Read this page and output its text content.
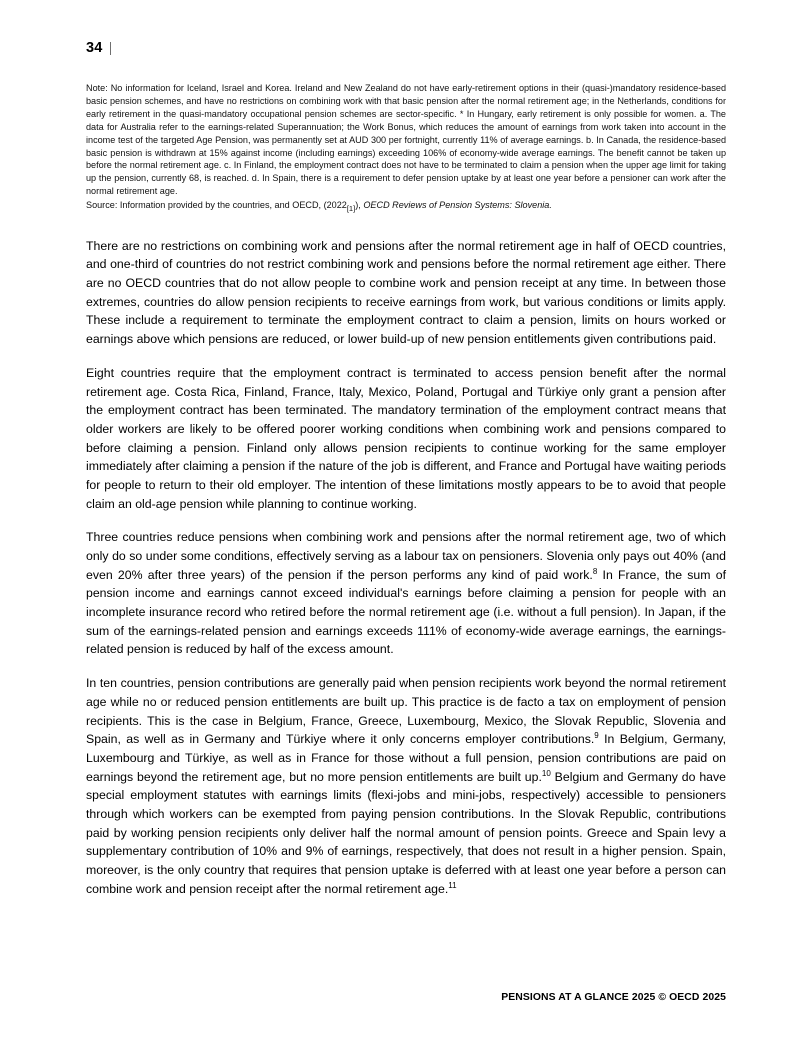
34
Note: No information for Iceland, Israel and Korea. Ireland and New Zealand do not have early-retirement options in their (quasi-)mandatory residence-based basic pension schemes, and have no restrictions on combining work with that basic pension after the normal retirement age; in the Netherlands, conditions for early retirement in the quasi-mandatory occupational pension schemes are sector-specific. * In Hungary, early retirement is only possible for women. a. The data for Australia refer to the earnings-related Superannuation; the Work Bonus, which reduces the amount of earnings from work taken into account in the income test of the targeted Age Pension, was permanently set at AUD 300 per fortnight, currently 11% of average earnings. b. In Canada, the residence-based basic pension is withdrawn at 15% against income (including earnings) exceeding 106% of economy-wide average earnings. The benefit cannot be taken up before the normal retirement age. c. In Finland, the employment contract does not have to be terminated to claim a pension when the upper age limit for taking up the pension, currently 68, is reached. d. In Spain, there is a requirement to defer pension uptake by at least one year before a pensioner can work after the normal retirement age.
Source: Information provided by the countries, and OECD, $(2022_{[1]})$, OECD Reviews of Pension Systems: Slovenia.

There are no restrictions on combining work and pensions after the normal retirement age in half of OECD countries, and one-third of countries do not restrict combining work and pensions before the normal retirement age either. There are no OECD countries that do not allow people to combine work and pension receipt at any time. In between those extremes, countries do allow pension recipients to receive earnings from work, but various conditions or limits apply. These include a requirement to terminate the employment contract to claim a pension, limits on hours worked or earnings above which pensions are reduced, or lower build-up of new pension entitlements given contributions paid.

Eight countries require that the employment contract is terminated to access pension benefit after the normal retirement age. Costa Rica, Finland, France, Italy, Mexico, Poland, Portugal and Türkiye only grant a pension after the employment contract has been terminated. The mandatory termination of the employment contract means that older workers are likely to be offered poorer working conditions when combining work and pensions compared to before claiming a pension. Finland only allows pension recipients to continue working for the same employer immediately after claiming a pension if the nature of the job is different, and France and Portugal have waiting periods for people to return to their old employer. The intention of these limitations mostly appears to be to avoid that people claim an old-age pension while planning to continue working.

Three countries reduce pensions when combining work and pensions after the normal retirement age, two of which only do so under some conditions, effectively serving as a labour tax on pensioners. Slovenia only pays out 40% (and even 20% after three years) of the pension if the person performs any kind of paid work.$^8$ In France, the sum of pension income and earnings cannot exceed individual's earnings before claiming a pension for people with an incomplete insurance record who retired before the normal retirement age (i.e. without a full pension). In Japan, if the sum of the earnings-related pension and earnings exceeds 111% of economy-wide average earnings, the earnings-related pension is reduced by half of the excess amount.

In ten countries, pension contributions are generally paid when pension recipients work beyond the normal retirement age while no or reduced pension entitlements are built up. This practice is de facto a tax on employment of pension recipients. This is the case in Belgium, France, Greece, Luxembourg, Mexico, the Slovak Republic, Slovenia and Spain, as well as in Germany and Türkiye where it only concerns employer contributions.$^9$ In Belgium, Germany, Luxembourg and Türkiye, as well as in France for those without a full pension, pension contributions are paid on earnings beyond the retirement age, but no more pension entitlements are built up.$^{10}$ Belgium and Germany do have special employment statutes with earnings limits (flexi-jobs and mini-jobs, respectively) accessible to pensioners through which workers can be exempted from paying pension contributions. In the Slovak Republic, contributions paid by working pension recipients only deliver half the normal amount of pension points. Greece and Spain levy a supplementary contribution of 10% and 9% of earnings, respectively, that does not result in a higher pension. Spain, moreover, is the only country that requires that pension uptake is deferred with at least one year before a person can combine work and pension receipt after the normal retirement age.$^{11}$

PENSIONS AT A GLANCE 2025 © OECD 2025
